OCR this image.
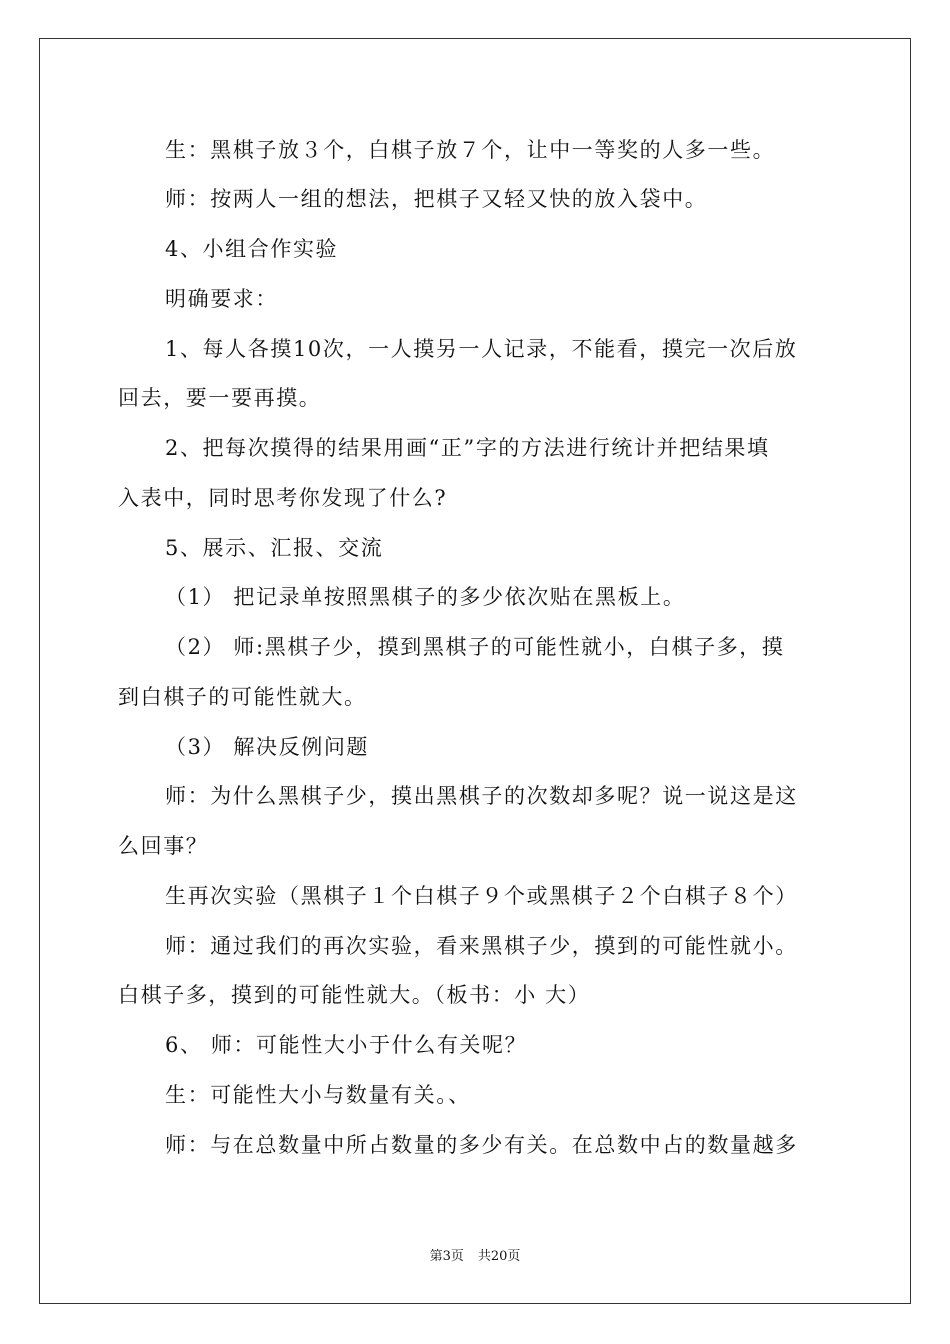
生：黑棋子放３个，白棋子放７个，让中一等奖的人多一些。
师：按两人一组的想法，把棋子又轻又快的放入袋中。
4、小组合作实验
明确要求：
1、每人各摸10次，一人摸另一人记录，不能看，摸完一次后放
回去，要一要再摸。
2、把每次摸得的结果用画“正”字的方法进行统计并把结果填
入表中，同时思考你发现了什么?
5、展示、汇报、交流
（1） 把记录单按照黑棋子的多少依次贴在黑板上。
（2） 师:黑棋子少，摸到黑棋子的可能性就小，白棋子多，摸
到白棋子的可能性就大。
（3） 解决反例问题
师：为什么黑棋子少，摸出黑棋子的次数却多呢？说一说这是这
么回事？
生再次实验（黑棋子１个白棋子９个或黑棋子２个白棋子８个）
师：通过我们的再次实验，看来黑棋子少，摸到的可能性就小。
白棋子多，摸到的可能性就大。（板书：小 大）
6、 师：可能性大小于什么有关呢？
生：可能性大小与数量有关。、
师：与在总数量中所占数量的多少有关。在总数中占的数量越多
第3页 共20页
